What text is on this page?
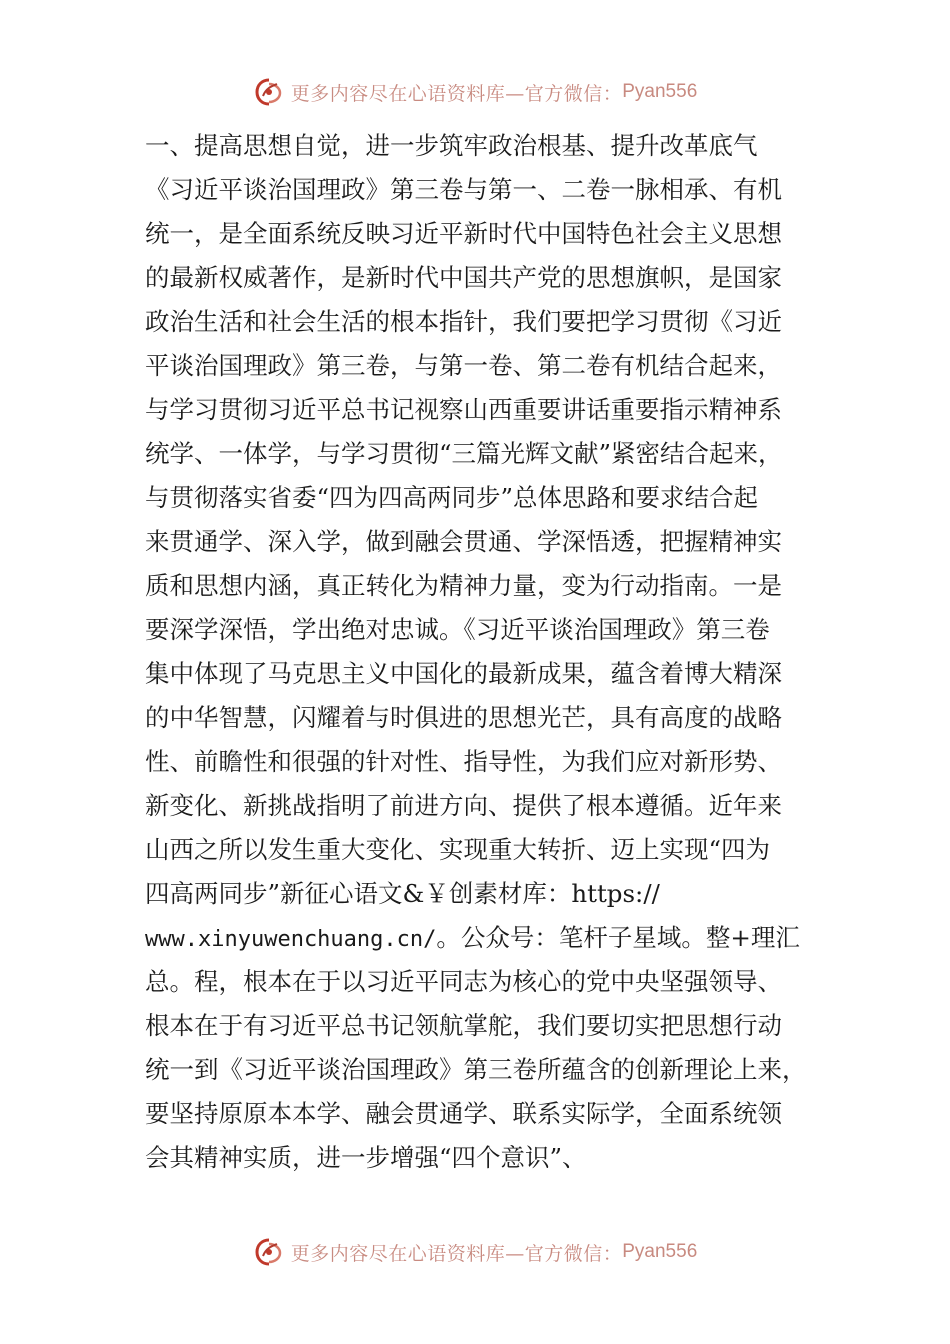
更多内容尽在心语资料库—官方微信： Pyan556
一、提高思想自觉，进一步筑牢政治根基、提升改革底气
《习近平谈治国理政》第三卷与第一、二卷一脉相承、有机
统一，是全面系统反映习近平新时代中国特色社会主义思想
的最新权威著作，是新时代中国共产党的思想旗帜，是国家
政治生活和社会生活的根本指针，我们要把学习贯彻《习近
平谈治国理政》第三卷，与第一卷、第二卷有机结合起来，
与学习贯彻习近平总书记视察山西重要讲话重要指示精神系
统学、一体学，与学习贯彻“三篇光辉文献”紧密结合起来，
与贯彻落实省委“四为四高两同步”总体思路和要求结合起
来贯通学、深入学，做到融会贯通、学深悟透，把握精神实
质和思想内涵，真正转化为精神力量，变为行动指南。一是
要深学深悟，学出绝对忠诚。《习近平谈治国理政》第三卷
集中体现了马克思主义中国化的最新成果，蕴含着博大精深
的中华智慧，闪耀着与时俱进的思想光芒，具有高度的战略
性、前瞻性和很强的针对性、指导性，为我们应对新形势、
新变化、新挑战指明了前进方向、提供了根本遵循。近年来
山西之所以发生重大变化、实现重大转折、迈上实现“四为
四高两同步”新征心语文&￥创素材库：https://
www.xinyuwenchuang.cn/。公众号：笔杆子星域。整+理汇
总。程，根本在于以习近平同志为核心的党中央坚强领导、
根本在于有习近平总书记领航掌舵，我们要切实把思想行动
统一到《习近平谈治国理政》第三卷所蕴含的创新理论上来，
要坚持原原本本学、融会贯通学、联系实际学，全面系统领
会其精神实质，进一步增强“四个意识”、
更多内容尽在心语资料库—官方微信： Pyan556
